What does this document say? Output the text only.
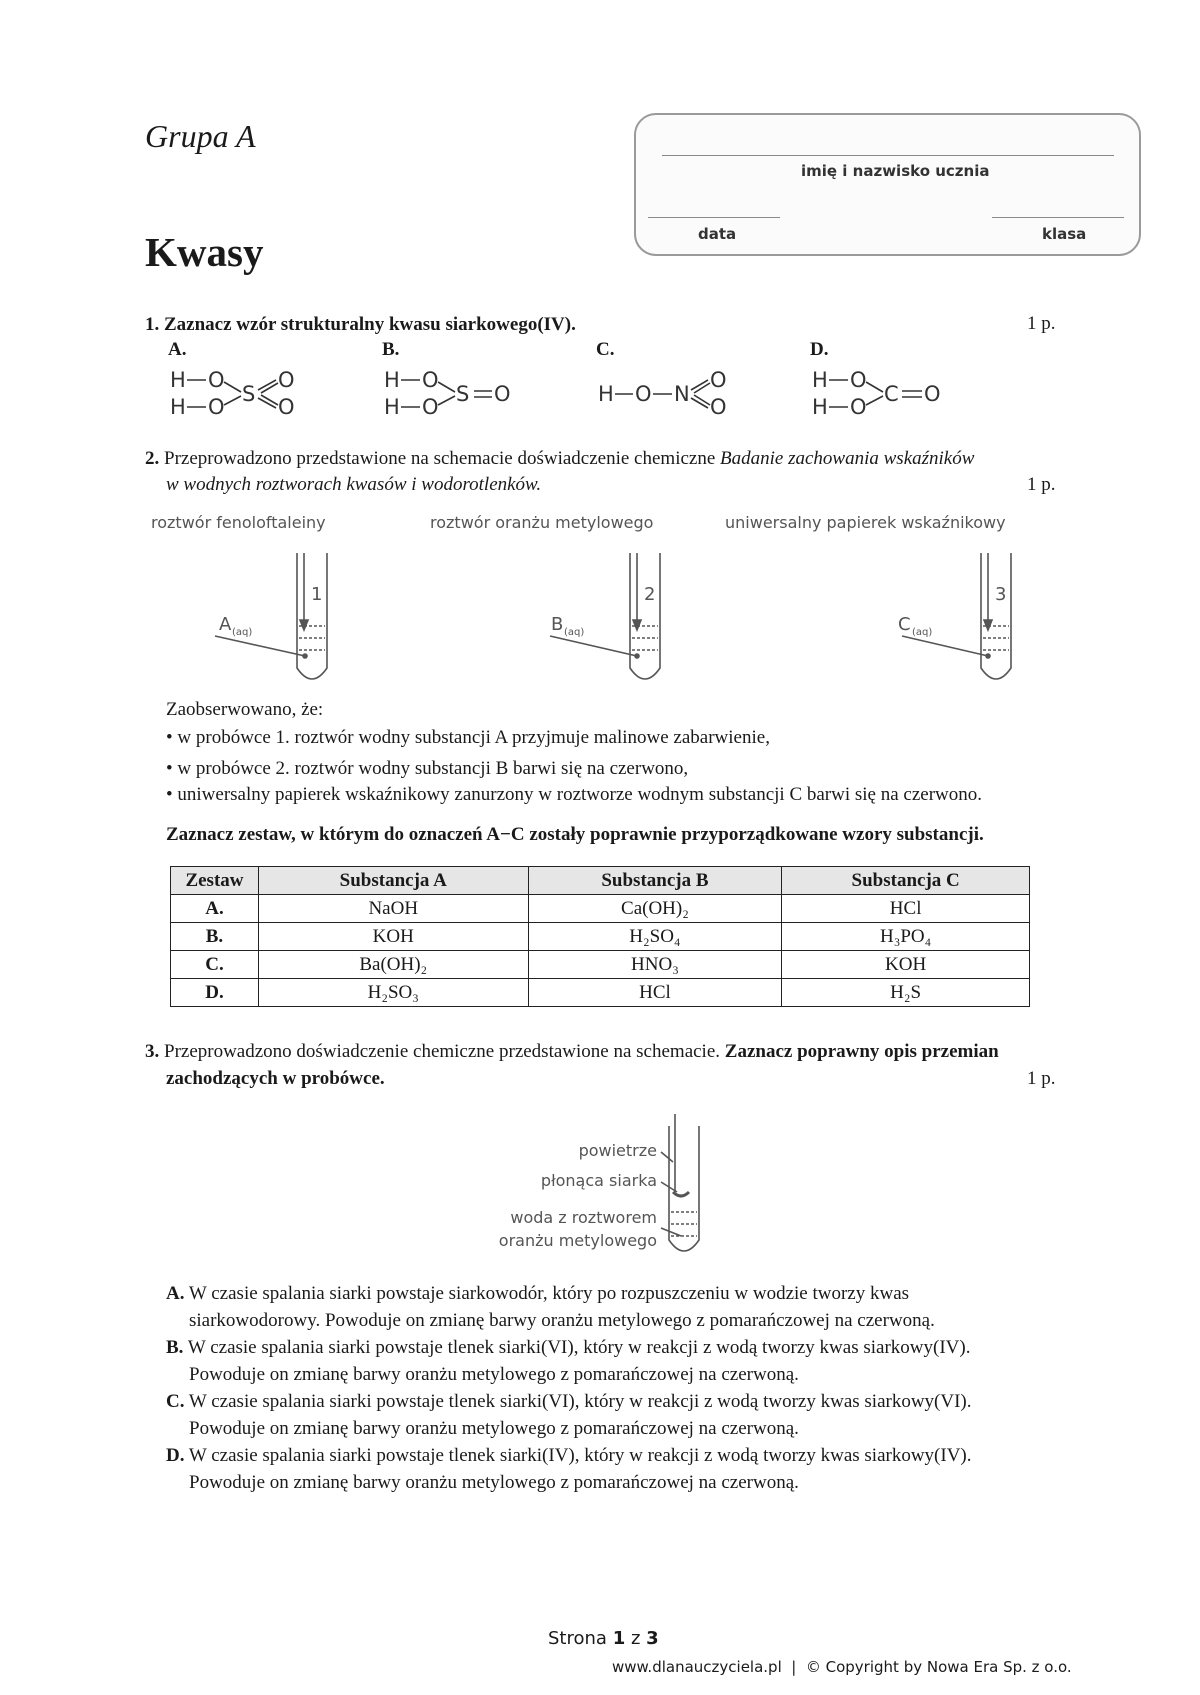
Grupa A
Kwasy
imię i nazwisko ucznia
data	klasa
1. Zaznacz wzór strukturalny kwasu siarkowego(IV).	1 p.
A.	B.	C.	D.
H
H
O
O
S
O
O
H
H
O
O
S O	H O N
O
O
H
H
O
O
C O
2. Przeprowadzono przedstawione na schemacie doświadczenie chemiczne Badanie zachowania wskaźników
w wodnych roztworach kwasów i wodorotlenków.	1 p.
roztwór fenoloftaleiny	roztwór oranżu metylowego	uniwersalny papierek wskaźnikowy
1
A (aq)
2
B (aq)
3
C (aq)
Zaobserwowano, że:
• w probówce 1. roztwór wodny substancji A przyjmuje malinowe zabarwienie,
• w probówce 2. roztwór wodny substancji B barwi się na czerwono,
• uniwersalny papierek wskaźnikowy zanurzony w roztworze wodnym substancji C barwi się na czerwono.
Zaznacz zestaw, w którym do oznaczeń A−C zostały poprawnie przyporządkowane wzory substancji.
Zestaw	Substancja A	Substancja B	Substancja C
A.	NaOH	Ca(OH)₂	HCl
B.	KOH	H₂SO₄	H₃PO₄
C.	Ba(OH)₂	HNO₃	KOH
D.	H₂SO₃	HCl	H₂S
3. Przeprowadzono doświadczenie chemiczne przedstawione na schemacie. Zaznacz poprawny opis przemian
zachodzących w probówce.	1 p.
powietrze
płonąca siarka
woda z roztworem
oranżu metylowego
A. W czasie spalania siarki powstaje siarkowodór, który po rozpuszczeniu w wodzie tworzy kwas
siarkowodorowy. Powoduje on zmianę barwy oranżu metylowego z pomarańczowej na czerwoną.
B. W czasie spalania siarki powstaje tlenek siarki(VI), który w reakcji z wodą tworzy kwas siarkowy(IV).
Powoduje on zmianę barwy oranżu metylowego z pomarańczowej na czerwoną.
C. W czasie spalania siarki powstaje tlenek siarki(VI), który w reakcji z wodą tworzy kwas siarkowy(VI).
Powoduje on zmianę barwy oranżu metylowego z pomarańczowej na czerwoną.
D. W czasie spalania siarki powstaje tlenek siarki(IV), który w reakcji z wodą tworzy kwas siarkowy(IV).
Powoduje on zmianę barwy oranżu metylowego z pomarańczowej na czerwoną.
Strona 1 z 3
www.dlanauczyciela.pl  |  © Copyright by Nowa Era Sp. z o.o.
